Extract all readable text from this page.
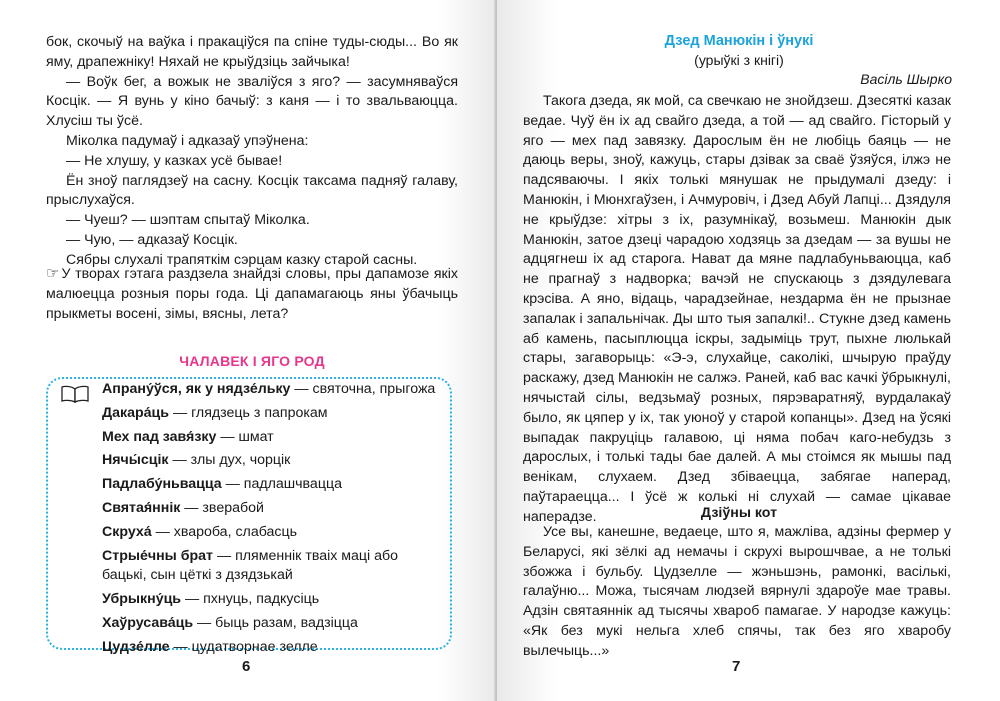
бок, скочыў на ваўка і пракаціўся па спіне туды-сюды... Во як яму, драпежніку! Няхай не крыўдзіць зайчыка!

— Воўк бег, а вожык не зваліўся з яго? — засумняваўся Косцік. — Я вунь у кіно бачыў: з каня — і то звальваюцца. Хлусіш ты ўсё.

Міколка падумаў і адказаў упэўнена:

— Не хлушу, у казках усё бывае!

Ён зноў паглядзеў на сасну. Косцік таксама падняў галаву, прыслухаўся.

— Чуеш? — шэптам спытаў Міколка.

— Чую, — адказаў Косцік.

Сябры слухалі трапяткім сэрцам казку старой сасны.

☞ У творах гэтага раздзела знайдзі словы, пры дапамозе якіх малюецца розныя поры года. Ці дапамагаюць яны ўбачыць прыкметы восені, зімы, вясны, лета?
ЧАЛАВЕК І ЯГО РОД

Апрану́ўся, як у нядзе́льку — святочна, прыгожа

Дакара́ць — глядзець з папрокам

Мех пад завя́зку — шмат

Нячы́сцік — злы дух, чорцік

Падлабу́ньвацца — падлашчвацца

Святая́ннік — зверабой

Скруха́ — хвароба, слабасць

Стрые́чны брат — пляменнік тваіх маці або бацькі, сын цёткі з дзядзькай

Убрыкну́ць — пхнуць, падкусіць

Хаўрусава́ць — быць разам, вадзіцца

Цудзе́лле — цудатворнае зелле

6
Дзед Манюкін і ўнукі
(урыўкі з кнігі)
Васіль Шырко

Такога дзеда, як мой, са свечкаю не знойдзеш. Дзесяткі казак ведае. Чуў ён іх ад свайго дзеда, а той — ад свайго. Гісторый у яго — мех пад завязку. Дарослым ён не любіць баяць — не даюць веры, зноў, кажуць, стары дзівак за сваё ўзяўся, ілжэ не падсяваючы. І якіх толькі мянушак не прыдумалі дзеду: і Манюкін, і Мюнхгаўзен, і Ачмуровіч, і Дзед Абуй Лапці... Дзядуля не крыўдзе: хітры з іх, разумнікаў, возьмеш. Манюкін дык Манюкін, затое дзеці чарадою ходзяць за дзедам — за вушы не адцягнеш іх ад старога. Нават да мяне падлабуньваюцца, каб не прагнаў з надворка; вачэй не спускаюць з дзядулевага крэсіва. А яно, відаць, чарадзейнае, нездарма ён не прызнае запалак і запальнічак. Ды што тыя запалкі!.. Стукне дзед камень аб камень, пасыплюцца іскры, задыміць трут, пыхне люлькай стары, загаворыць: «Э-э, слухайце, саколікі, шчырую праўду раскажу, дзед Манюкін не салжэ. Раней, каб вас качкі ўбрыкнулі, нячыстай сілы, ведзьмаў розных, пярэваратняў, вурдалакаў было, як цяпер у іх, так уюноў у старой копанцы». Дзед на ўсякі выпадак пакруціць галавою, ці няма побач каго-небудзь з дарослых, і толькі тады бае далей. А мы стоімся як мышы пад венікам, слухаем. Дзед збіваецца, забягае наперад, паўтараецца... І ўсё ж колькі ні слухай — самае цікавае наперадзе.	Дзіўны кот

Усе вы, канешне, ведаеце, што я, мажліва, адзіны фермер у Беларусі, які зёлкі ад немачы і скрухі вырошчвае, а не толькі збожжа і бульбу. Цудзелле — жэньшэнь, рамонкі, васількі, галаўню... Можа, тысячам людзей вярнулі здароўе мае травы. Адзін святаяннік ад тысячы хвароб памагае. У народзе кажуць: «Як без мукі нельга хлеб спячы, так без яго хваробу вылечыць...»

7
